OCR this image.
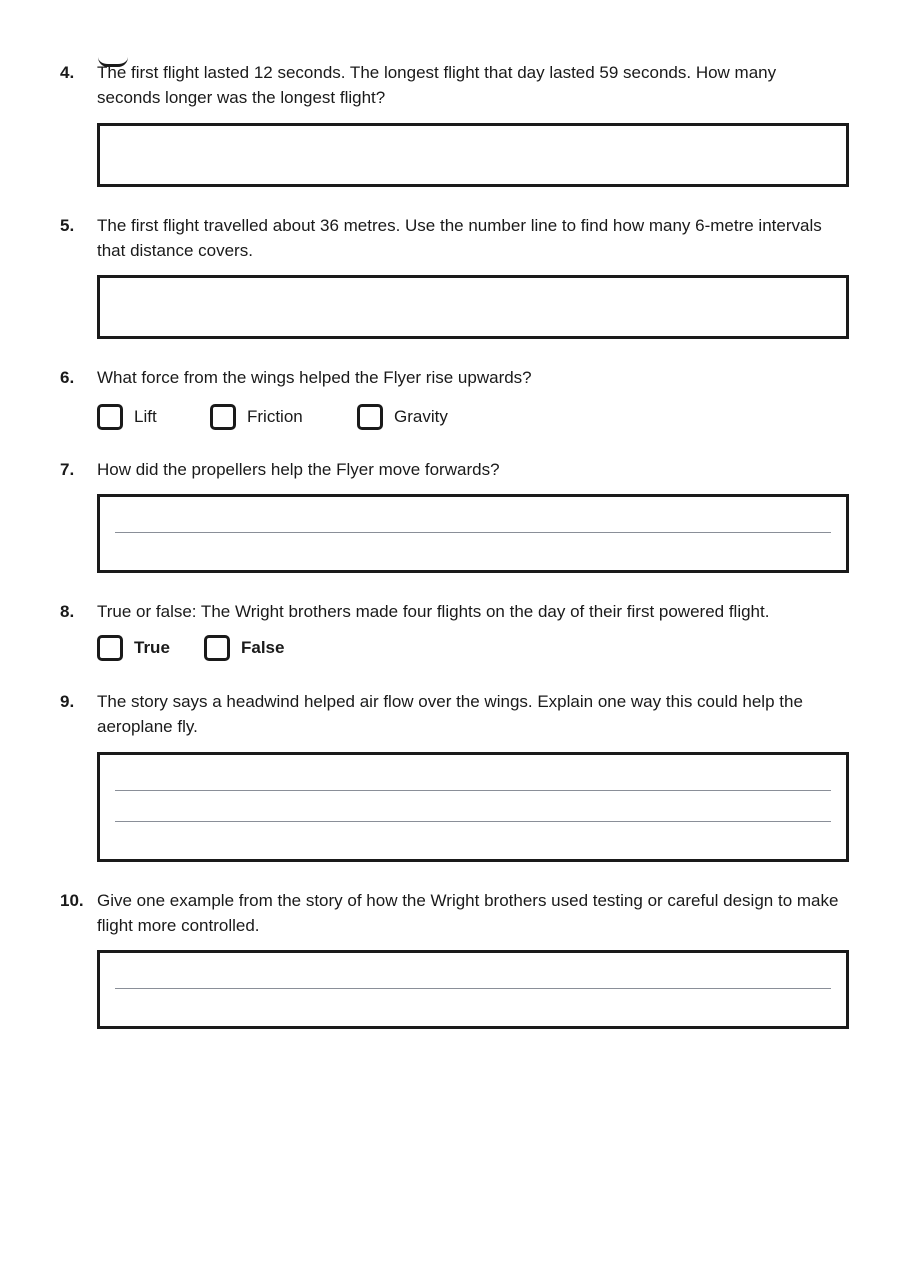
4. The first flight lasted 12 seconds. The longest flight that day lasted 59 seconds. How many seconds longer was the longest flight?
5. The first flight travelled about 36 metres. Use the number line to find how many 6-metre intervals that distance covers.
6. What force from the wings helped the Flyer rise upwards?
Lift	Friction	Gravity
7. How did the propellers help the Flyer move forwards?
8. True or false: The Wright brothers made four flights on the day of their first powered flight.
True	False
9. The story says a headwind helped air flow over the wings. Explain one way this could help the aeroplane fly.
10. Give one example from the story of how the Wright brothers used testing or careful design to make flight more controlled.
